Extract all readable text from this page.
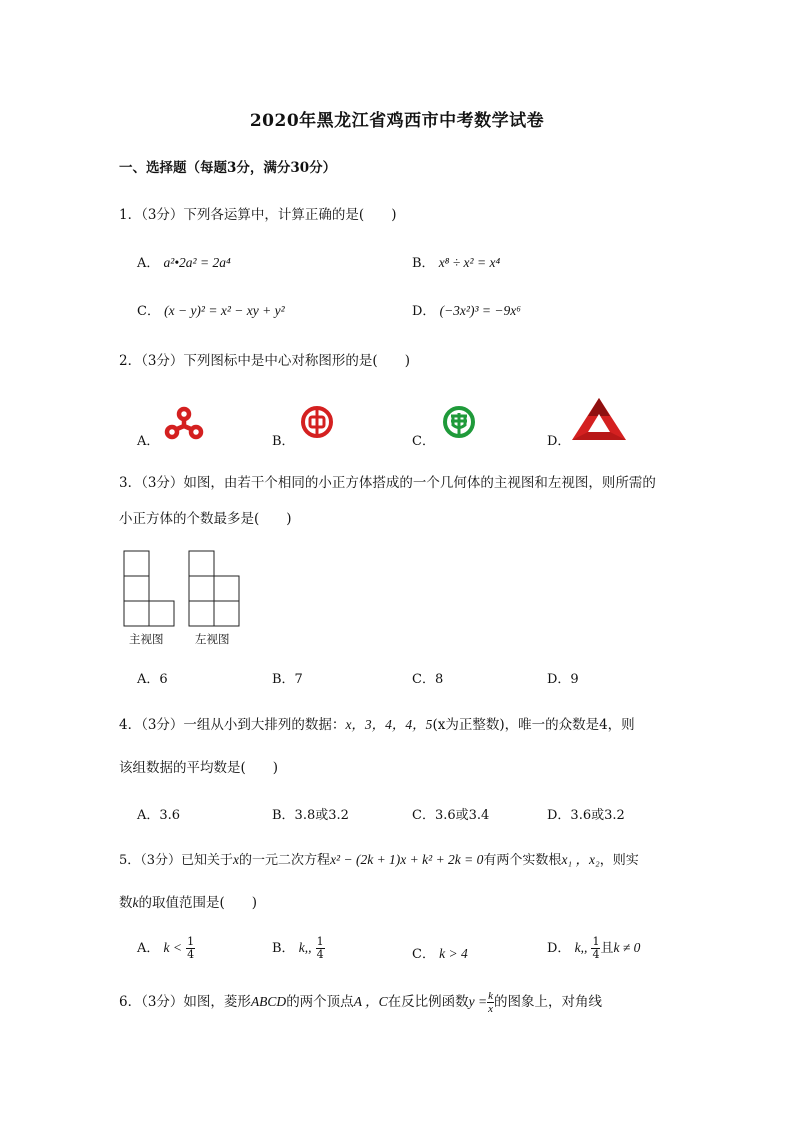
2020年黑龙江省鸡西市中考数学试卷
一、选择题（每题3分，满分30分）
1．（3分）下列各运算中，计算正确的是(　　)
A． a²•2a² = 2a⁴	B． x⁸ ÷ x² = x⁴
C． (x − y)² = x² − xy + y²	D． (−3x²)³ = −9x⁶
2．（3分）下列图标中是中心对称图形的是(　　)
A．	B．	C．	D．
3．（3分）如图，由若干个相同的小正方体搭成的一个几何体的主视图和左视图，则所需的
小正方体的个数最多是(　　)
主视图	左视图
A．6	B．7	C．8	D．9
4．（3分）一组从小到大排列的数据：x，3，4，4，5(x为正整数)，唯一的众数是4，则
该组数据的平均数是(　　)
A．3.6	B．3.8或3.2	C．3.6或3.4	D．3.6或3.2
5．（3分）已知关于x的一元二次方程x² − (2k + 1)x + k² + 2k = 0有两个实数根x₁ ，x₂，则实
数k的取值范围是(　　)
A． $k < \frac{1}{4}$	B． k,, $\frac{1}{4}$	C． k > 4	D． k,, $\frac{1}{4}$ 且k ≠ 0
6．（3分）如图，菱形ABCD的两个顶点A ，C在反比例函数$y = \frac{k}{x}$ 的图象上，对角线
